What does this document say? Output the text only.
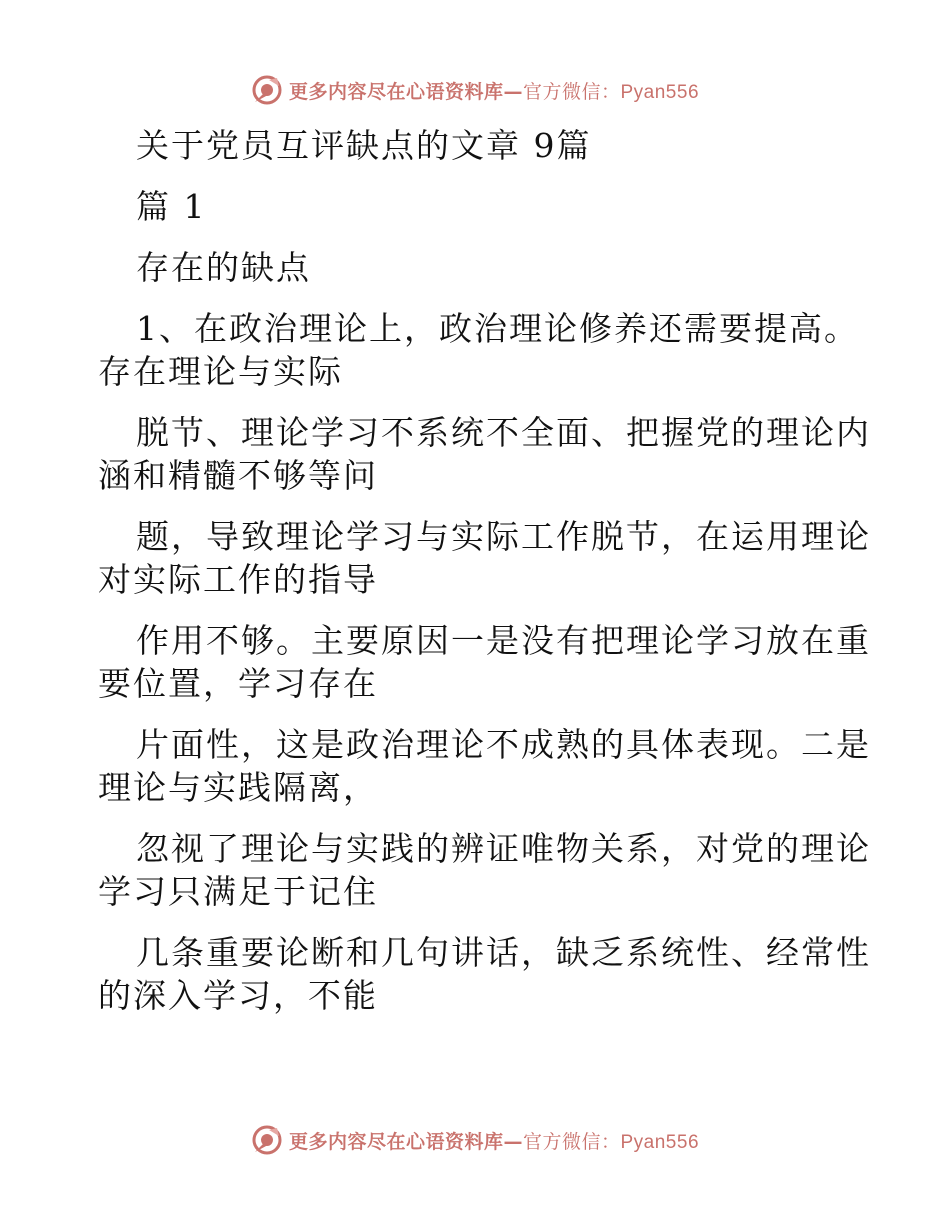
更多内容尽在心语资料库—官方微信：Pyan556
关于党员互评缺点的文章 9篇
篇 1
存在的缺点
1、在政治理论上，政治理论修养还需要提高。
存在理论与实际
脱节、理论学习不系统不全面、把握党的理论内
涵和精髓不够等问
题，导致理论学习与实际工作脱节，在运用理论
对实际工作的指导
作用不够。主要原因一是没有把理论学习放在重
要位置，学习存在
片面性，这是政治理论不成熟的具体表现。二是
理论与实践隔离，
忽视了理论与实践的辨证唯物关系，对党的理论
学习只满足于记住
几条重要论断和几句讲话，缺乏系统性、经常性
的深入学习，不能
更多内容尽在心语资料库—官方微信：Pyan556
